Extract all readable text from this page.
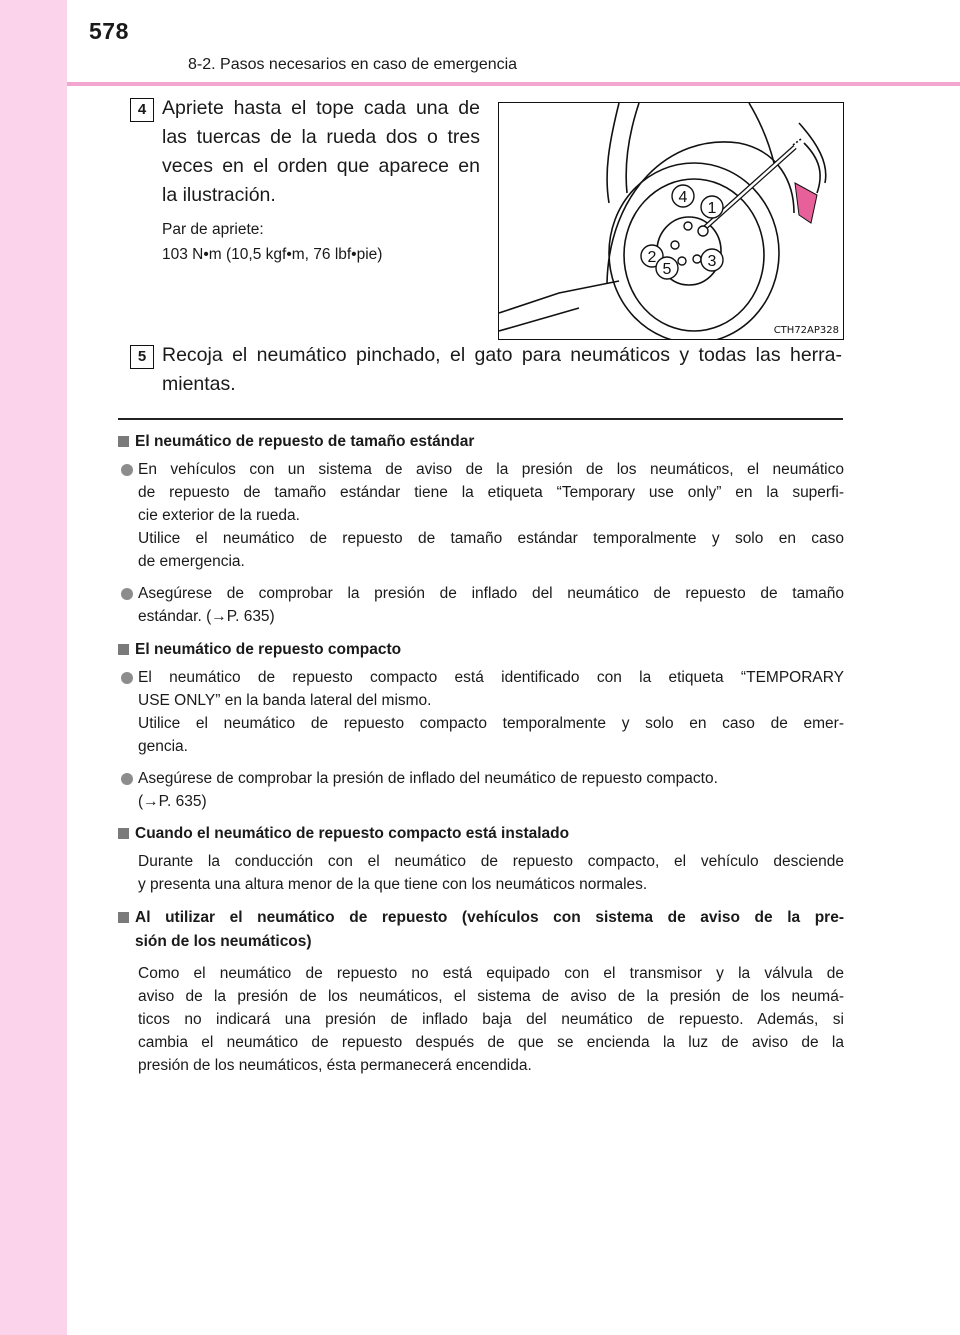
578
8-2. Pasos necesarios en caso de emergencia
4 Apriete hasta el tope cada una de
las tuercas de la rueda dos o tres
veces en el orden que aparece en
la ilustración.
Par de apriete:
103 N•m (10,5 kgf•m, 76 lbf•pie)
4
1
2	3
5
CTH72AP328
5 Recoja el neumático pinchado, el gato para neumáticos y todas las herra-
mientas.
El neumático de repuesto de tamaño estándar
En vehículos con un sistema de aviso de la presión de los neumáticos, el neumático
de repuesto de tamaño estándar tiene la etiqueta “Temporary use only” en la superfi-
cie exterior de la rueda.
Utilice el neumático de repuesto de tamaño estándar temporalmente y solo en caso
de emergencia.
Asegúrese de comprobar la presión de inflado del neumático de repuesto de tamaño
estándar. (→P. 635)
El neumático de repuesto compacto
El neumático de repuesto compacto está identificado con la etiqueta “TEMPORARY
USE ONLY” en la banda lateral del mismo.
Utilice el neumático de repuesto compacto temporalmente y solo en caso de emer-
gencia.
Asegúrese de comprobar la presión de inflado del neumático de repuesto compacto.
(→P. 635)
Cuando el neumático de repuesto compacto está instalado
Durante la conducción con el neumático de repuesto compacto, el vehículo desciende
y presenta una altura menor de la que tiene con los neumáticos normales.
Al utilizar el neumático de repuesto (vehículos con sistema de aviso de la pre-
sión de los neumáticos)
Como el neumático de repuesto no está equipado con el transmisor y la válvula de
aviso de la presión de los neumáticos, el sistema de aviso de la presión de los neumá-
ticos no indicará una presión de inflado baja del neumático de repuesto. Además, si
cambia el neumático de repuesto después de que se encienda la luz de aviso de la
presión de los neumáticos, ésta permanecerá encendida.
